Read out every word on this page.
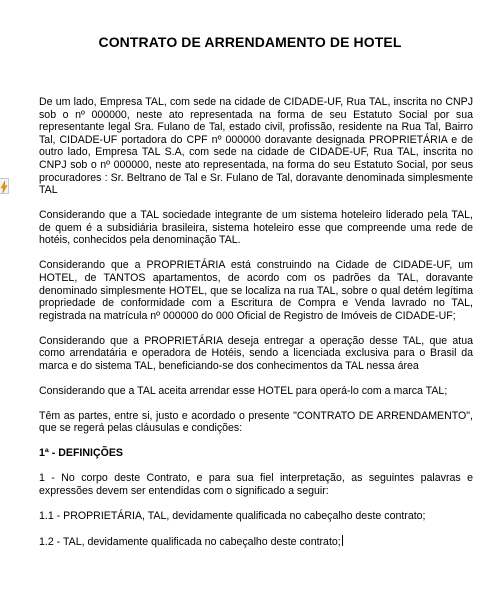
CONTRATO DE ARRENDAMENTO DE HOTEL

De um lado, Empresa TAL, com sede na cidade de CIDADE-UF, Rua TAL, inscrita no CNPJ sob o nº 000000, neste ato representada na forma de seu Estatuto Social por sua representante legal Sra. Fulano de Tal, estado civil, profissão, residente na Rua Tal, Bairro Tal, CIDADE-UF portadora do CPF nº 000000 doravante designada PROPRIETÁRIA e de outro lado, Empresa TAL S.A, com sede na cidade de CIDADE-UF, Rua TAL, inscrita no CNPJ sob o nº 000000, neste ato representada, na forma do seu Estatuto Social, por seus procuradores : Sr. Beltrano de Tal e Sr. Fulano de Tal, doravante denominada simplesmente TAL

Considerando que a TAL sociedade integrante de um sistema hoteleiro liderado pela TAL, de quem é a subsidiária brasileira, sistema hoteleiro esse que compreende uma rede de hotéis, conhecidos pela denominação TAL.

Considerando que a PROPRIETÁRIA está construindo na Cidade de CIDADE-UF, um HOTEL, de TANTOS apartamentos, de acordo com os padrões da TAL, doravante denominado simplesmente HOTEL, que se localiza na rua TAL, sobre o qual detém legítima propriedade de conformidade com a Escritura de Compra e Venda lavrado no TAL, registrada na matrícula nº 000000 do 000 Oficial de Registro de Imóveis de CIDADE-UF;

Considerando que a PROPRIETÁRIA deseja entregar a operação desse TAL, que atua como arrendatária e operadora de Hotéis, sendo a licenciada exclusiva para o Brasil da marca e do sistema TAL, beneficiando-se dos conhecimentos da TAL nessa área

Considerando que a TAL aceita arrendar esse HOTEL para operá-lo com a marca TAL;

Têm as partes, entre si, justo e acordado o presente "CONTRATO DE ARRENDAMENTO", que se regerá pelas cláusulas e condições:

1ª - DEFINIÇÕES

1 - No corpo deste Contrato, e para sua fiel interpretação, as seguintes palavras e expressões devem ser entendidas com o significado a seguir:

1.1 - PROPRIETÁRIA, TAL, devidamente qualificada no cabeçalho deste contrato;

1.2 - TAL, devidamente qualificada no cabeçalho deste contrato;
